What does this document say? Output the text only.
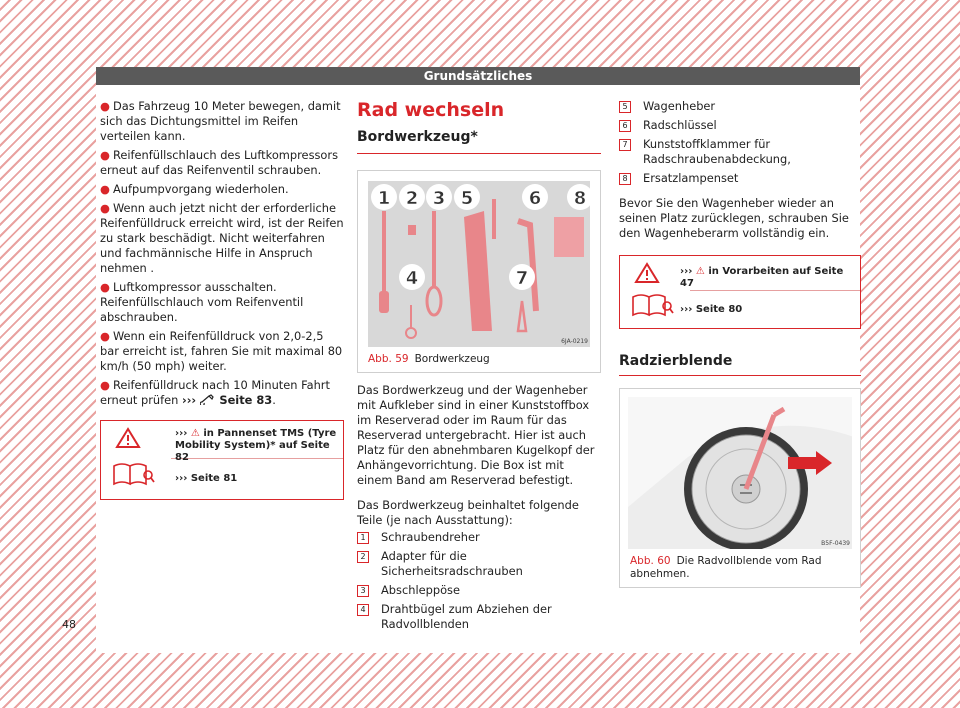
Grundsätzliches
48
● Das Fahrzeug 10 Meter bewegen, damit sich das Dichtungsmittel im Reifen verteilen kann.
● Reifenfüllschlauch des Luftkompressors erneut auf das Reifenventil schrauben.
● Aufpumpvorgang wiederholen.
● Wenn auch jetzt nicht der erforderliche Reifenfülldruck erreicht wird, ist der Reifen zu stark beschädigt. Nicht weiterfahren und fachmännische Hilfe in Anspruch nehmen .
● Luftkompressor ausschalten. Reifenfüllschlauch vom Reifenventil abschrauben.
● Wenn ein Reifenfülldruck von 2,0-2,5 bar erreicht ist, fahren Sie mit maximal 80 km/h (50 mph) weiter.
● Reifenfülldruck nach 10 Minuten Fahrt erneut prüfen ››› Seite 83.
››› ⚠ in Pannenset TMS (Tyre Mobility System)* auf Seite 82
››› Seite 81
Rad wechseln
Bordwerkzeug*
1 2 3 5	6 8
4	7
6JA-0219
Abb. 59 Bordwerkzeug
Das Bordwerkzeug und der Wagenheber mit Aufkleber sind in einer Kunststoffbox im Reserverad oder im Raum für das Reserverad untergebracht. Hier ist auch Platz für den abnehmbaren Kugelkopf der Anhängevorrichtung. Die Box ist mit einem Band am Reserverad befestigt.
Das Bordwerkzeug beinhaltet folgende Teile (je nach Ausstattung):
1	Schraubendreher
2	Adapter für die Sicherheitsradschrauben
3	Abschleppöse
4	Drahtbügel zum Abziehen der Radvollblenden
5	Wagenheber
6	Radschlüssel
7	Kunststoffklammer für Radschraubenabdeckung,
8	Ersatzlampenset
Bevor Sie den Wagenheber wieder an seinen Platz zurücklegen, schrauben Sie den Wagenheberarm vollständig ein.
››› ⚠ in Vorarbeiten auf Seite 47
››› Seite 80
Radzierblende
B5F-0439
Abb. 60 Die Radvollblende vom Rad abnehmen.
